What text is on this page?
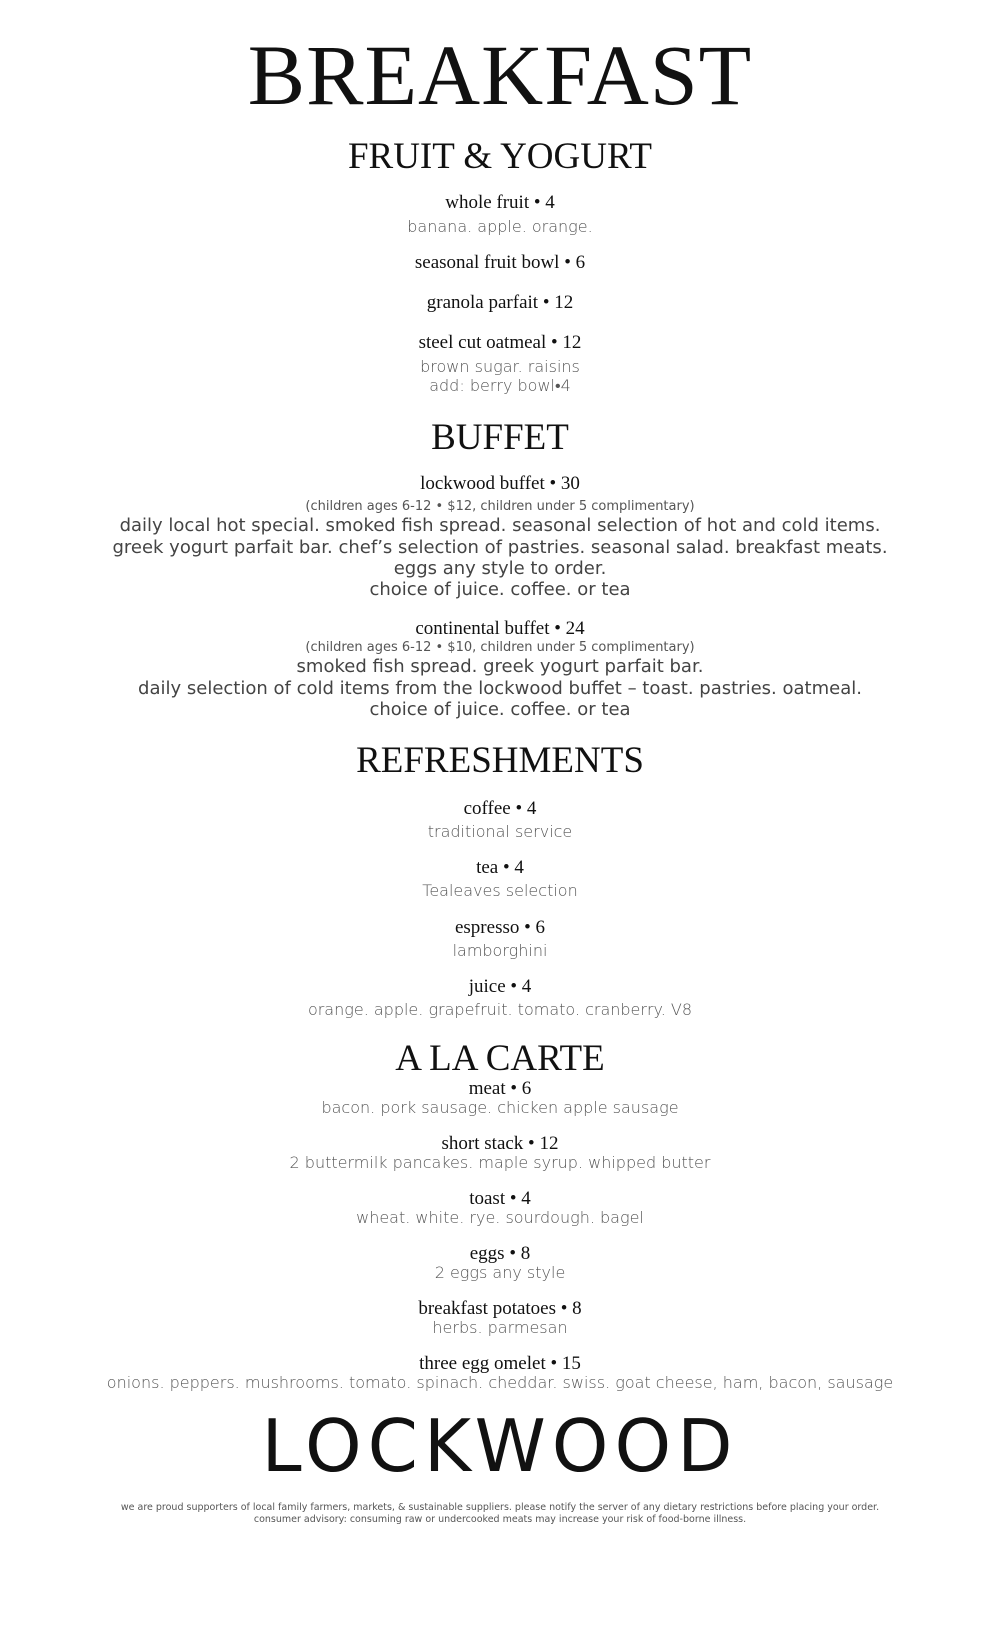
BREAKFAST
FRUIT & YOGURT
whole fruit • 4
banana. apple. orange.
seasonal fruit bowl • 6
granola parfait • 12
steel cut oatmeal • 12
brown sugar. raisins
add: berry bowl•4
BUFFET
lockwood buffet • 30
(children ages 6-12 • $12, children under 5 complimentary)
daily local hot special. smoked fish spread. seasonal selection of hot and cold items.
greek yogurt parfait bar. chef’s selection of pastries. seasonal salad. breakfast meats.
eggs any style to order.
choice of juice. coffee. or tea
continental buffet • 24
(children ages 6-12 • $10, children under 5 complimentary)
smoked fish spread. greek yogurt parfait bar.
daily selection of cold items from the lockwood buffet – toast. pastries. oatmeal.
choice of juice. coffee. or tea
REFRESHMENTS
coffee • 4
traditional service
tea • 4
Tealeaves selection
espresso • 6
lamborghini
juice • 4
orange. apple. grapefruit. tomato. cranberry. V8
A LA CARTE
meat • 6
bacon. pork sausage. chicken apple sausage
short stack • 12
2 buttermilk pancakes. maple syrup. whipped butter
toast • 4
wheat. white. rye. sourdough. bagel
eggs • 8
2 eggs any style
breakfast potatoes • 8
herbs. parmesan
three egg omelet • 15
onions. peppers. mushrooms. tomato. spinach. cheddar. swiss. goat cheese, ham, bacon, sausage
LOCKWOOD
we are proud supporters of local family farmers, markets, & sustainable suppliers. please notify the server of any dietary restrictions before placing your order.
consumer advisory: consuming raw or undercooked meats may increase your risk of food-borne illness.
